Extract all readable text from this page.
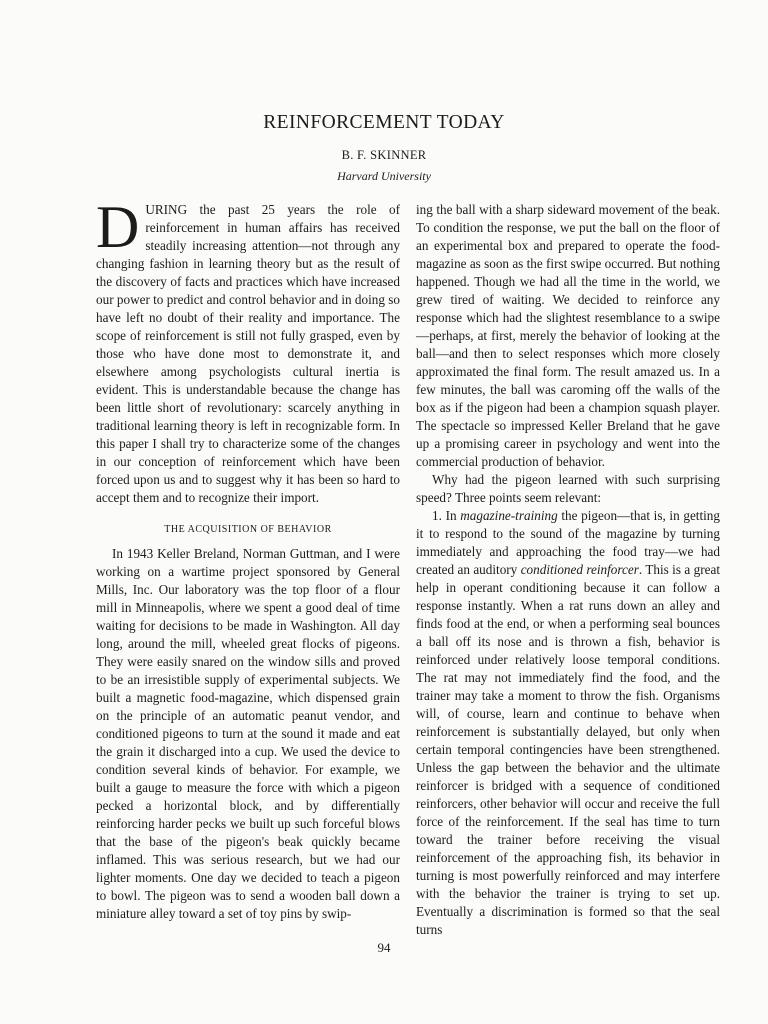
REINFORCEMENT TODAY
B. F. SKINNER
Harvard University

DURING the past 25 years the role of reinforcement in human affairs has received steadily increasing attention—not through any changing fashion in learning theory but as the result of the discovery of facts and practices which have increased our power to predict and control behavior and in doing so have left no doubt of their reality and importance. The scope of reinforcement is still not fully grasped, even by those who have done most to demonstrate it, and elsewhere among psychologists cultural inertia is evident. This is understandable because the change has been little short of revolutionary: scarcely anything in traditional learning theory is left in recognizable form. In this paper I shall try to characterize some of the changes in our conception of reinforcement which have been forced upon us and to suggest why it has been so hard to accept them and to recognize their import.

THE ACQUISITION OF BEHAVIOR

In 1943 Keller Breland, Norman Guttman, and I were working on a wartime project sponsored by General Mills, Inc. Our laboratory was the top floor of a flour mill in Minneapolis, where we spent a good deal of time waiting for decisions to be made in Washington. All day long, around the mill, wheeled great flocks of pigeons. They were easily snared on the window sills and proved to be an irresistible supply of experimental subjects. We built a magnetic food-magazine, which dispensed grain on the principle of an automatic peanut vendor, and conditioned pigeons to turn at the sound it made and eat the grain it discharged into a cup. We used the device to condition several kinds of behavior. For example, we built a gauge to measure the force with which a pigeon pecked a horizontal block, and by differentially reinforcing harder pecks we built up such forceful blows that the base of the pigeon's beak quickly became inflamed. This was serious research, but we had our lighter moments. One day we decided to teach a pigeon to bowl. The pigeon was to send a wooden ball down a miniature alley toward a set of toy pins by swip-

ing the ball with a sharp sideward movement of the beak. To condition the response, we put the ball on the floor of an experimental box and prepared to operate the food-magazine as soon as the first swipe occurred. But nothing happened. Though we had all the time in the world, we grew tired of waiting. We decided to reinforce any response which had the slightest resemblance to a swipe—perhaps, at first, merely the behavior of looking at the ball—and then to select responses which more closely approximated the final form. The result amazed us. In a few minutes, the ball was caroming off the walls of the box as if the pigeon had been a champion squash player. The spectacle so impressed Keller Breland that he gave up a promising career in psychology and went into the commercial production of behavior.

Why had the pigeon learned with such surprising speed? Three points seem relevant:

1. In magazine-training the pigeon—that is, in getting it to respond to the sound of the magazine by turning immediately and approaching the food tray—we had created an auditory conditioned reinforcer. This is a great help in operant conditioning because it can follow a response instantly. When a rat runs down an alley and finds food at the end, or when a performing seal bounces a ball off its nose and is thrown a fish, behavior is reinforced under relatively loose temporal conditions. The rat may not immediately find the food, and the trainer may take a moment to throw the fish. Organisms will, of course, learn and continue to behave when reinforcement is substantially delayed, but only when certain temporal contingencies have been strengthened. Unless the gap between the behavior and the ultimate reinforcer is bridged with a sequence of conditioned reinforcers, other behavior will occur and receive the full force of the reinforcement. If the seal has time to turn toward the trainer before receiving the visual reinforcement of the approaching fish, its behavior in turning is most powerfully reinforced and may interfere with the behavior the trainer is trying to set up. Eventually a discrimination is formed so that the seal turns

94
